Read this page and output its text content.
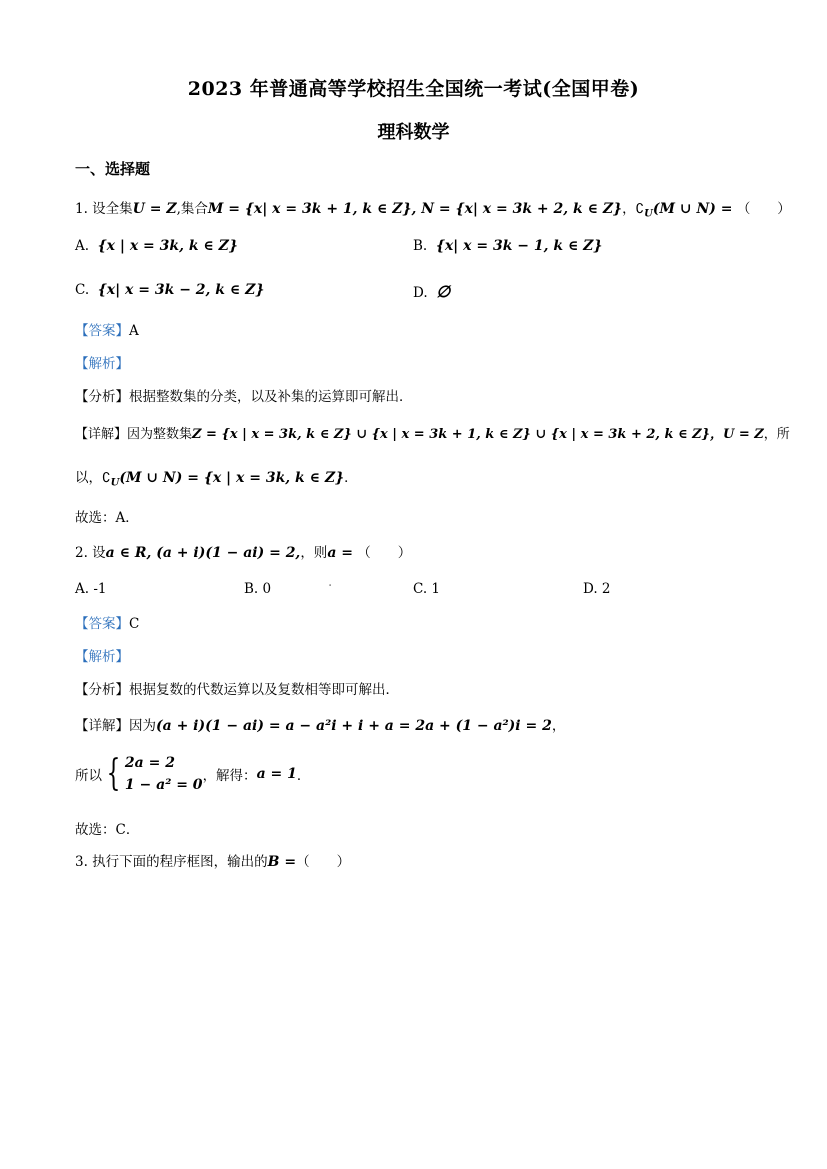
2023 年普通高等学校招生全国统一考试(全国甲卷)
理科数学
一、选择题
1. 设全集U = Z,集合M = {x| x = 3k + 1, k ∈ Z}, N = {x| x = 3k + 2, k ∈ Z}，$∁_U(M$ ∪ N) = （　　）
A. {x | x = 3k, k ∈ Z}	B. {x| x = 3k − 1, k ∈ Z}
C. {x| x = 3k − 2, k ∈ Z}	D. ∅
【答案】A
【解析】
【分析】根据整数集的分类，以及补集的运算即可解出．
【详解】因为整数集Z = {x | x = 3k, k ∈ Z} ∪ {x | x = 3k + 1, k ∈ Z} ∪ {x | x = 3k + 2, k ∈ Z}，U = Z，所
以，$∁_U(M$ ∪ N) = {x | x = 3k, k ∈ Z}．
故选：A．
2. 设a ∈ R, (a + i)(1 − ai) = 2,，则a = （　　）
A. -1	B. 0	·	C. 1	D. 2
【答案】C
【解析】
【分析】根据复数的代数运算以及复数相等即可解出．
【详解】因为(a + i)(1 − ai) = a − a²i + i + a = 2a + (1 − a²)i = 2，
所以 { 2a = 2
1 − a² = 0
，解得：a = 1．
故选：C．
3. 执行下面的程序框图，输出的B =（　　）
